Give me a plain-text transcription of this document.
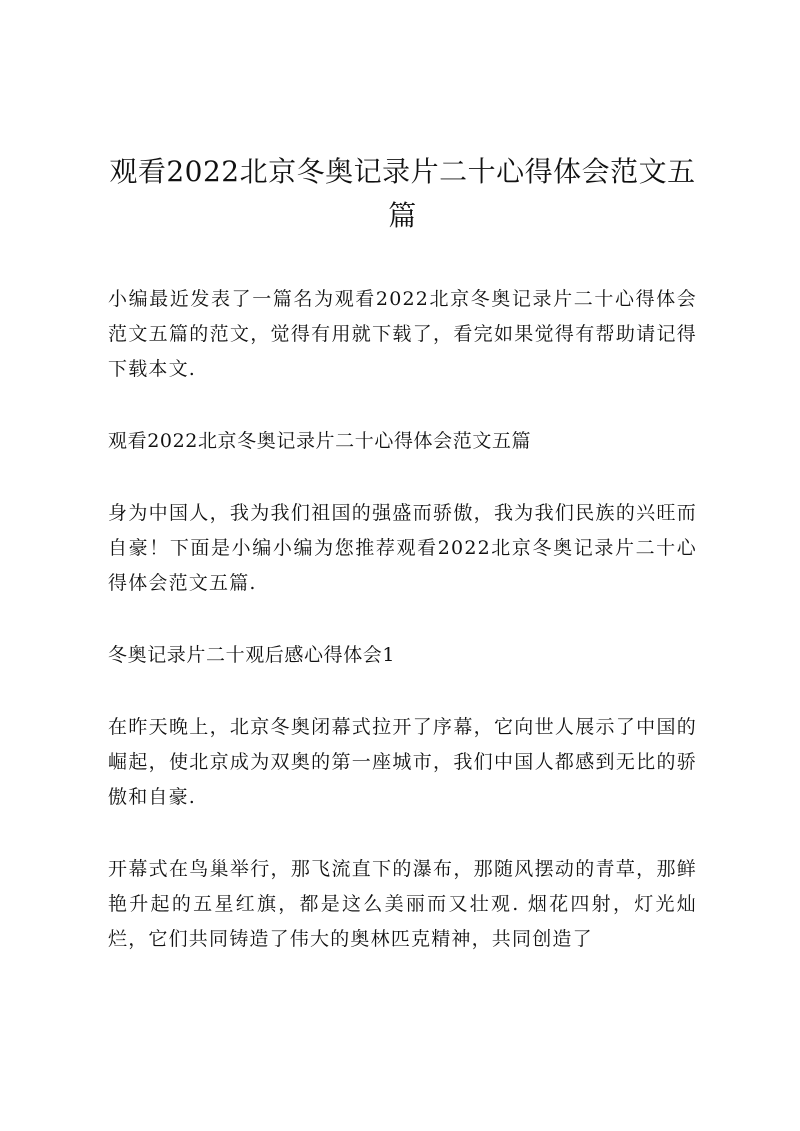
观看2022北京冬奥记录片二十心得体会范文五篇

小编最近发表了一篇名为观看2022北京冬奥记录片二十心得体会范文五篇的范文，觉得有用就下载了，看完如果觉得有帮助请记得下载本文.

观看2022北京冬奥记录片二十心得体会范文五篇

身为中国人，我为我们祖国的强盛而骄傲，我为我们民族的兴旺而自豪！下面是小编小编为您推荐观看2022北京冬奥记录片二十心得体会范文五篇.

冬奥记录片二十观后感心得体会1

在昨天晚上，北京冬奥闭幕式拉开了序幕，它向世人展示了中国的崛起，使北京成为双奥的第一座城市，我们中国人都感到无比的骄傲和自豪.

开幕式在鸟巢举行，那飞流直下的瀑布，那随风摆动的青草，那鲜艳升起的五星红旗，都是这么美丽而又壮观. 烟花四射，灯光灿烂，它们共同铸造了伟大的奥林匹克精神，共同创造了
